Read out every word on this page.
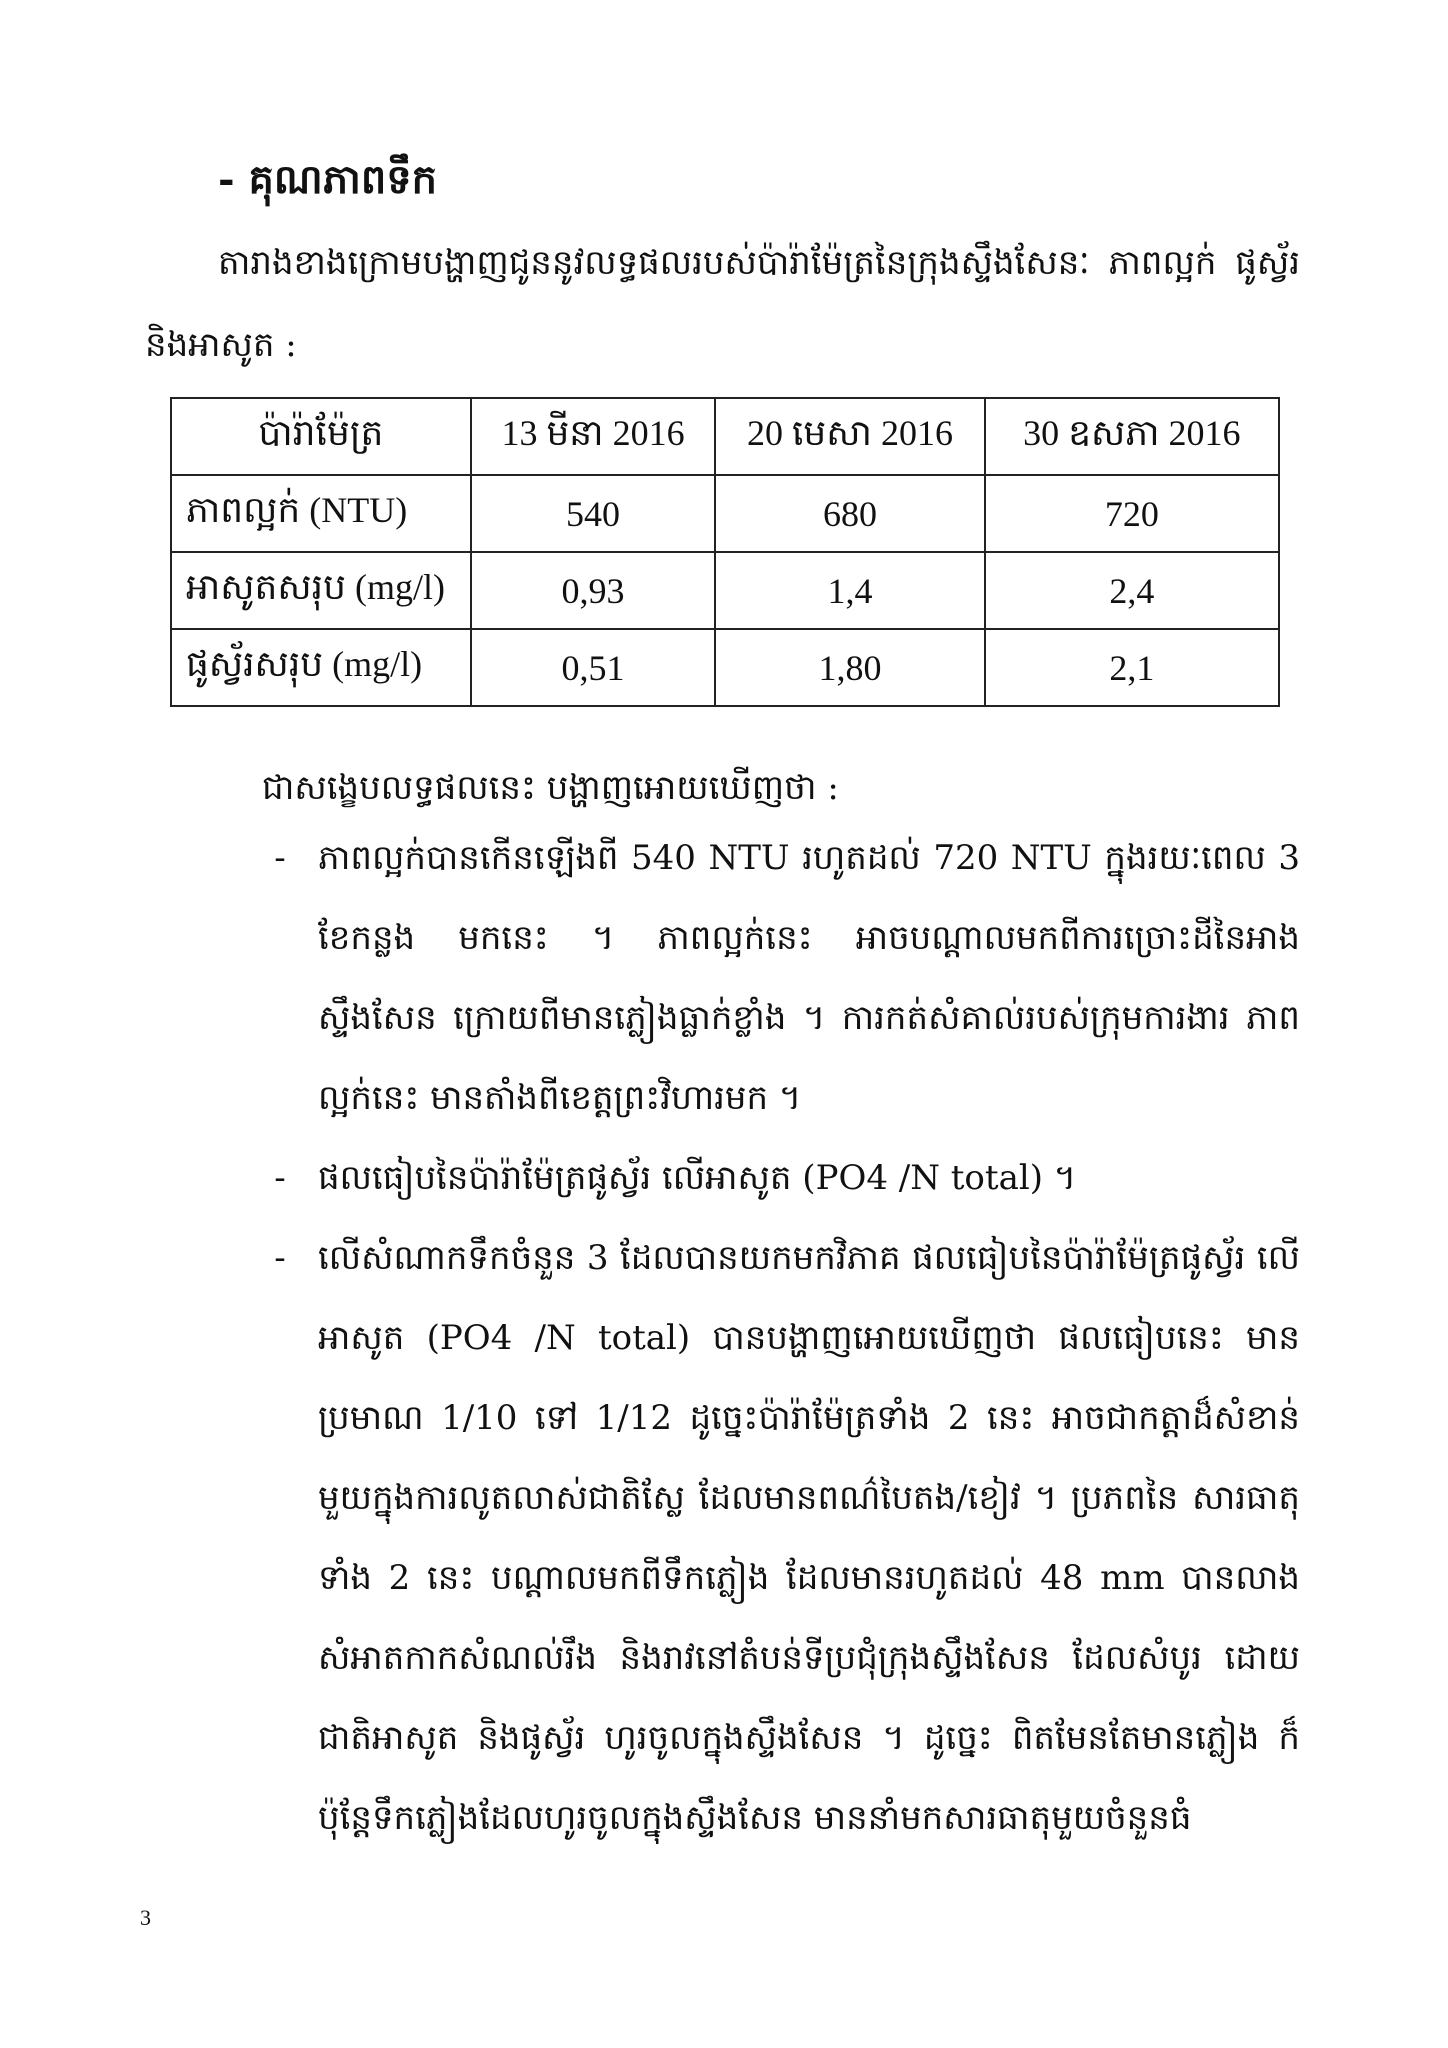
- គុណភាពទឹក

តារាងខាងក្រោមបង្ហាញជូននូវលទ្ធផលរបស់ប៉ារ៉ាម៉ែត្រនៃក្រុងស្ទឹងសែនៈ ភាពល្អក់ ផូស្វ័រ និងអាសូត :

ប៉ារ៉ាម៉ែត្រ	13 មីនា 2016	20 មេសា 2016	30 ឧសភា 2016
ភាពល្អក់ (NTU)	540	680	720
អាសូតសរុប (mg/l)	0,93	1,4	2,4
ផូស្វ័រសរុប (mg/l)	0,51	1,80	2,1
ជាសង្ខេបលទ្ធផលនេះ បង្ហាញអោយឃើញថា :
- ភាពល្អក់បានកើនឡើងពី 540 NTU រហូតដល់ 720 NTU ក្នុងរយៈពេល 3 ខែកន្លង មកនេះ ។ ភាពល្អក់នេះ អាចបណ្តាលមកពីការច្រោះដីនៃអាង ស្ទឹងសែន ក្រោយពីមានភ្លៀងធ្លាក់ខ្លាំង ។ ការកត់សំគាល់របស់ក្រុមការងារ ភាពល្អក់នេះ មានតាំងពីខេត្តព្រះវិហារមក ។
- ផលធៀបនៃប៉ារ៉ាម៉ែត្រផូស្វ័រ លើអាសូត (PO4 /N total) ។
- លើសំណាកទឹកចំនួន 3 ដែលបានយកមកវិភាគ ផលធៀបនៃប៉ារ៉ាម៉ែត្រផូស្វ័រ លើអាសូត (PO4 /N total) បានបង្ហាញអោយឃើញថា ផលធៀបនេះ មាន ប្រមាណ 1/10 ទៅ 1/12 ដូច្នេះប៉ារ៉ាម៉ែត្រទាំង 2 នេះ អាចជាកត្តាដ៏សំខាន់ មួយក្នុងការលូតលាស់ជាតិស្លែ ដែលមានពណ៌បៃតង/ខៀវ ។ ប្រភពនៃ សារធាតុទាំង 2 នេះ បណ្តាលមកពីទឹកភ្លៀង ដែលមានរហូតដល់ 48 mm បានលាងសំអាតកាកសំណល់រឹង និងរាវនៅតំបន់ទីប្រជុំក្រុងស្ទឹងសែន ដែលសំបូរ ដោយជាតិអាសូត និងផូស្វ័រ ហូរចូលក្នុងស្ទឹងសែន ។ ដូច្នេះ ពិតមែនតែមានភ្លៀង ក៏ប៉ុន្តែទឹកភ្លៀងដែលហូរចូលក្នុងស្ទឹងសែន មាននាំមកសារធាតុមួយចំនួនធំ
3
